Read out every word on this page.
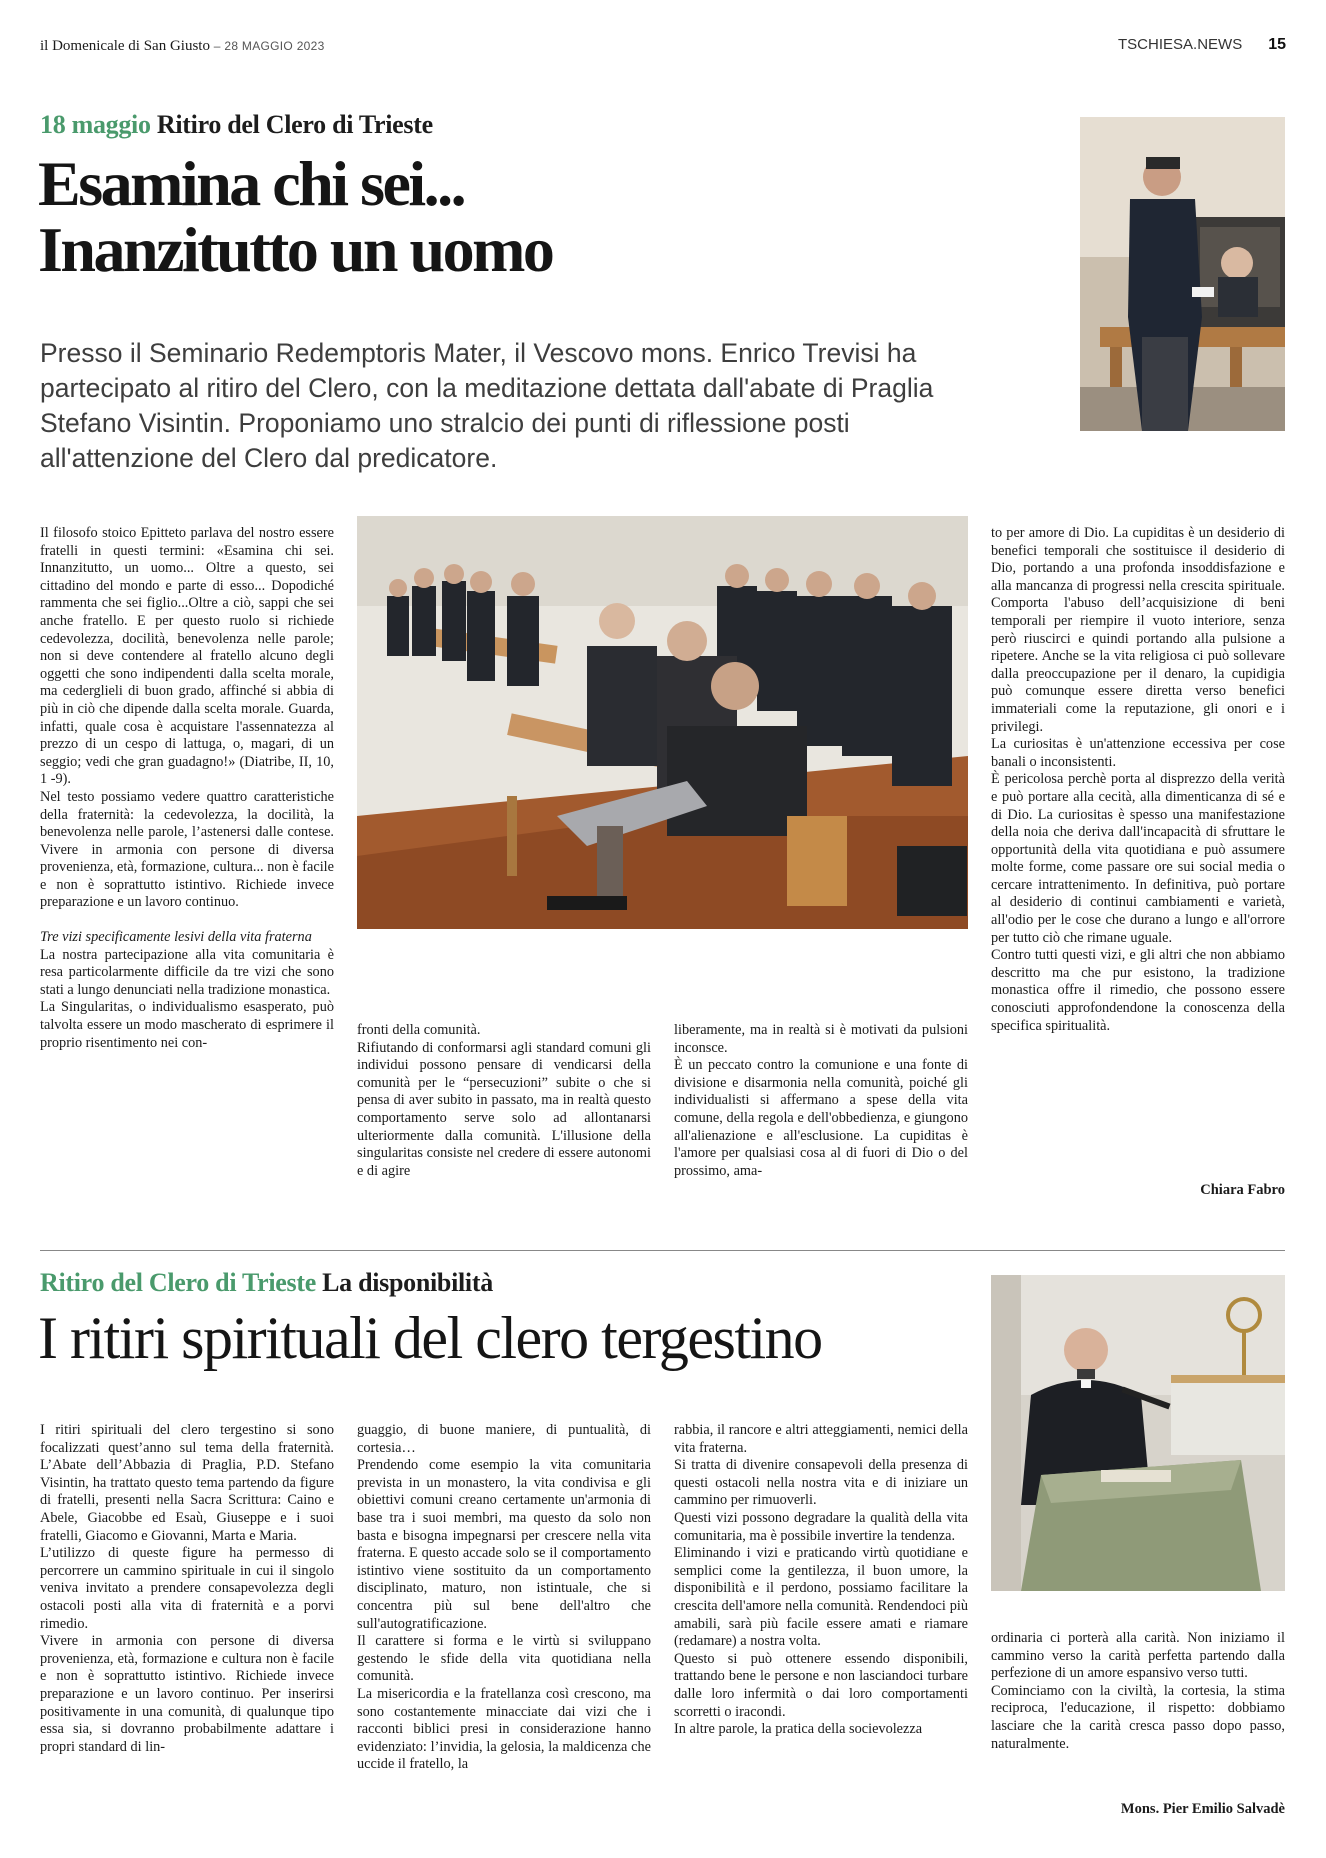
il Domenicale di San Giusto – 28 MAGGIO 2023	TSCHIESA.NEWS 15
18 maggio Ritiro del Clero di Trieste
Esamina chi sei...
Inanzitutto un uomo
Presso il Seminario Redemptoris Mater, il Vescovo mons. Enrico Trevisi ha partecipato al ritiro del Clero, con la meditazione dettata dall'abate di Praglia Stefano Visintin. Proponiamo uno stralcio dei punti di riflessione posti all'attenzione del Clero dal predicatore.

Il filosofo stoico Epitteto parlava del nostro essere fratelli in questi termini: «Esamina chi sei. Innanzitutto, un uomo... Oltre a questo, sei cittadino del mondo e parte di esso... Dopodiché rammenta che sei figlio...Oltre a ciò, sappi che sei anche fratello. E per questo ruolo si richiede cedevolezza, docilità, benevolenza nelle parole; non si deve contendere al fratello alcuno degli oggetti che sono indipendenti dalla scelta morale, ma cederglieli di buon grado, affinché si abbia di più in ciò che dipende dalla scelta morale. Guarda, infatti, quale cosa è acquistare l'assennatezza al prezzo di un cespo di lattuga, o, magari, di un seggio; vedi che gran guadagno!» (Diatribe, II, 10, 1 -9).

Nel testo possiamo vedere quattro caratteristiche della fraternità: la cedevolezza, la docilità, la benevolenza nelle parole, l’astenersi dalle contese. Vivere in armonia con persone di diversa provenienza, età, formazione, cultura... non è facile e non è soprattutto istintivo. Richiede invece preparazione e un lavoro continuo.

Tre vizi specificamente lesivi della vita fraterna

La nostra partecipazione alla vita comunitaria è resa particolarmente difficile da tre vizi che sono stati a lungo denunciati nella tradizione monastica.

La Singularitas, o individualismo esasperato, può talvolta essere un modo mascherato di esprimere il proprio risentimento nei con-

fronti della comunità.

Rifiutando di conformarsi agli standard comuni gli individui possono pensare di vendicarsi della comunità per le “persecuzioni” subite o che si pensa di aver subito in passato, ma in realtà questo comportamento serve solo ad allontanarsi ulteriormente dalla comunità. L'illusione della singularitas consiste nel credere di essere autonomi e di agire

liberamente, ma in realtà si è motivati da pulsioni inconsce.

È un peccato contro la comunione e una fonte di divisione e disarmonia nella comunità, poiché gli individualisti si affermano a spese della vita comune, della regola e dell'obbedienza, e giungono all'alienazione e all'esclusione. La cupiditas è l'amore per qualsiasi cosa al di fuori di Dio o del prossimo, ama-

to per amore di Dio. La cupiditas è un desiderio di benefici temporali che sostituisce il desiderio di Dio, portando a una profonda insoddisfazione e alla mancanza di progressi nella crescita spirituale. Comporta l'abuso dell’acquisizione di beni temporali per riempire il vuoto interiore, senza però riuscirci e quindi portando alla pulsione a ripetere. Anche se la vita religiosa ci può sollevare dalla preoccupazione per il denaro, la cupidigia può comunque essere diretta verso benefici immateriali come la reputazione, gli onori e i privilegi.

La curiositas è un'attenzione eccessiva per cose banali o inconsistenti.

È pericolosa perchè porta al disprezzo della verità e può portare alla cecità, alla dimenticanza di sé e di Dio. La curiositas è spesso una manifestazione della noia che deriva dall'incapacità di sfruttare le opportunità della vita quotidiana e può assumere molte forme, come passare ore sui social media o cercare intrattenimento. In definitiva, può portare al desiderio di continui cambiamenti e varietà, all'odio per le cose che durano a lungo e all'orrore per tutto ciò che rimane uguale.

Contro tutti questi vizi, e gli altri che non abbiamo descritto ma che pur esistono, la tradizione monastica offre il rimedio, che possono essere conosciuti approfondendone la conoscenza della specifica spiritualità.

Chiara Fabro
Ritiro del Clero di Trieste La disponibilità
I ritiri spirituali del clero tergestino

I ritiri spirituali del clero tergestino si sono focalizzati quest’anno sul tema della fraternità. L’Abate dell’Abbazia di Praglia, P.D. Stefano Visintin, ha trattato questo tema partendo da figure di fratelli, presenti nella Sacra Scrittura: Caino e Abele, Giacobbe ed Esaù, Giuseppe e i suoi fratelli, Giacomo e Giovanni, Marta e Maria.

L’utilizzo di queste figure ha permesso di percorrere un cammino spirituale in cui il singolo veniva invitato a prendere consapevolezza degli ostacoli posti alla vita di fraternità e a porvi rimedio.

Vivere in armonia con persone di diversa provenienza, età, formazione e cultura non è facile e non è soprattutto istintivo. Richiede invece preparazione e un lavoro continuo. Per inserirsi positivamente in una comunità, di qualunque tipo essa sia, si dovranno probabilmente adattare i propri standard di lin-

guaggio, di buone maniere, di puntualità, di cortesia…

Prendendo come esempio la vita comunitaria prevista in un monastero, la vita condivisa e gli obiettivi comuni creano certamente un'armonia di base tra i suoi membri, ma questo da solo non basta e bisogna impegnarsi per crescere nella vita fraterna. E questo accade solo se il comportamento istintivo viene sostituito da un comportamento disciplinato, maturo, non istintuale, che si concentra più sul bene dell'altro che sull'autogratificazione.

Il carattere si forma e le virtù si sviluppano gestendo le sfide della vita quotidiana nella comunità.

La misericordia e la fratellanza così crescono, ma sono costantemente minacciate dai vizi che i racconti biblici presi in considerazione hanno evidenziato: l’invidia, la gelosia, la maldicenza che uccide il fratello, la

rabbia, il rancore e altri atteggiamenti, nemici della vita fraterna.

Si tratta di divenire consapevoli della presenza di questi ostacoli nella nostra vita e di iniziare un cammino per rimuoverli.

Questi vizi possono degradare la qualità della vita comunitaria, ma è possibile invertire la tendenza.

Eliminando i vizi e praticando virtù quotidiane e semplici come la gentilezza, il buon umore, la disponibilità e il perdono, possiamo facilitare la crescita dell'amore nella comunità. Rendendoci più amabili, sarà più facile essere amati e riamare (redamare) a nostra volta.

Questo si può ottenere essendo disponibili, trattando bene le persone e non lasciandoci turbare dalle loro infermità o dai loro comportamenti scorretti o iracondi.

In altre parole, la pratica della socievolezza

ordinaria ci porterà alla carità. Non iniziamo il cammino verso la carità perfetta partendo dalla perfezione di un amore espansivo verso tutti.

Cominciamo con la civiltà, la cortesia, la stima reciproca, l'educazione, il rispetto: dobbiamo lasciare che la carità cresca passo dopo passo, naturalmente.

Mons. Pier Emilio Salvadè
